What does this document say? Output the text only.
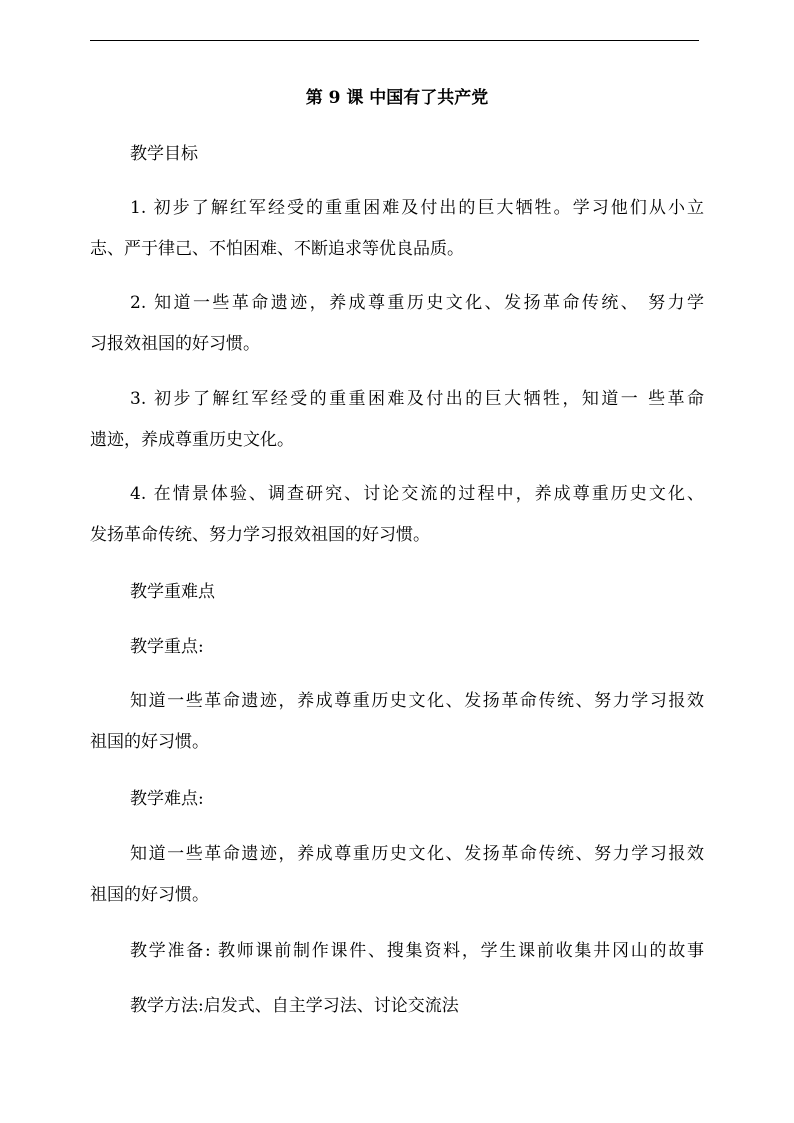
第 9 课 中国有了共产党
教学目标
1. 初步了解红军经受的重重困难及付出的巨大牺牲。学习他们从小立
志、严于律己、不怕困难、不断追求等优良品质。
2. 知道一些革命遗迹，养成尊重历史文化、发扬革命传统、 努力学
习报效祖国的好习惯。
3. 初步了解红军经受的重重困难及付出的巨大牺牲，知道一 些革命
遗迹，养成尊重历史文化。
4. 在情景体验、调查研究、讨论交流的过程中，养成尊重历史文化、
发扬革命传统、努力学习报效祖国的好习惯。
教学重难点
教学重点:
知道一些革命遗迹，养成尊重历史文化、发扬革命传统、努力学习报效
祖国的好习惯。
教学难点:
知道一些革命遗迹，养成尊重历史文化、发扬革命传统、努力学习报效
祖国的好习惯。
教学准备: 教师课前制作课件、搜集资料，学生课前收集井冈山的故事
教学方法:启发式、自主学习法、讨论交流法
